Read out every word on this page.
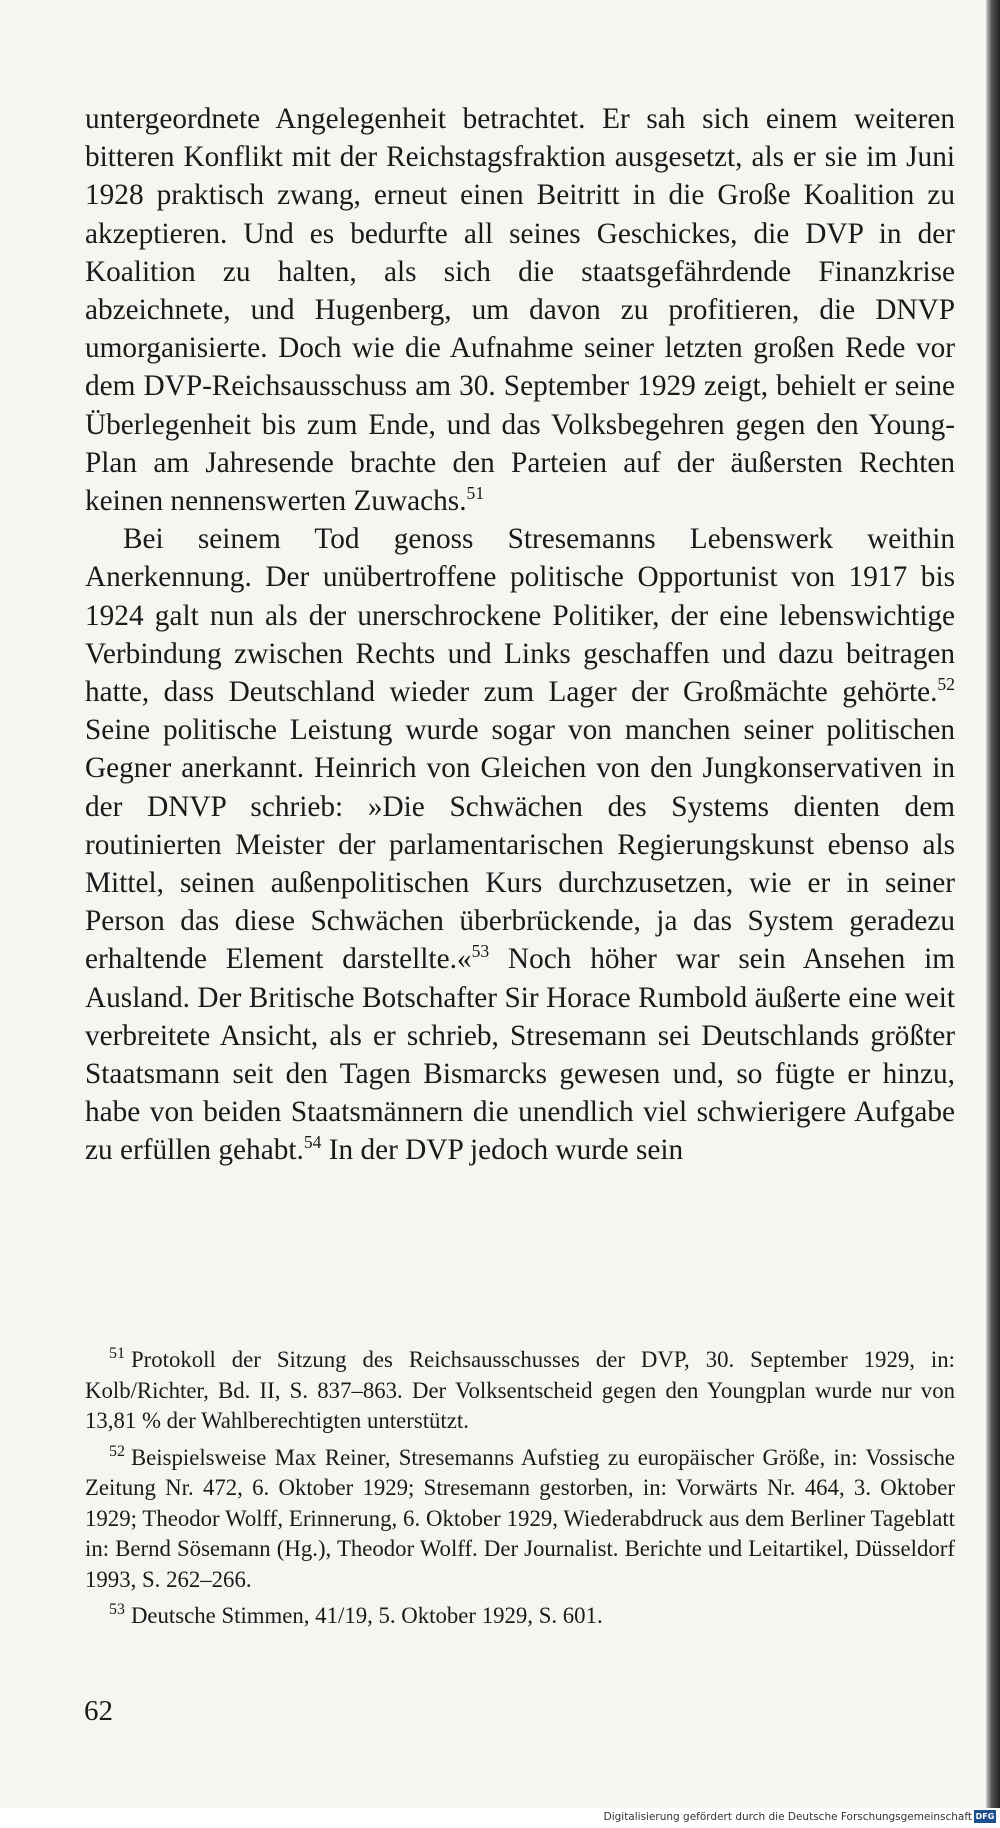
untergeordnete Angelegenheit betrachtet. Er sah sich einem weiteren bitteren Konflikt mit der Reichstagsfraktion ausgesetzt, als er sie im Juni 1928 praktisch zwang, erneut einen Beitritt in die Große Koalition zu akzeptieren. Und es bedurfte all seines Geschickes, die DVP in der Koalition zu halten, als sich die staatsgefährdende Finanzkrise abzeichnete, und Hugenberg, um davon zu profitieren, die DNVP umorganisierte. Doch wie die Aufnahme seiner letzten großen Rede vor dem DVP-Reichsausschuss am 30. September 1929 zeigt, behielt er seine Überlegenheit bis zum Ende, und das Volksbegehren gegen den Young-Plan am Jahresende brachte den Parteien auf der äußersten Rechten keinen nennenswerten Zuwachs.$^{51}$

Bei seinem Tod genoss Stresemanns Lebenswerk weithin Anerkennung. Der unübertroffene politische Opportunist von 1917 bis 1924 galt nun als der unerschrockene Politiker, der eine lebenswichtige Verbindung zwischen Rechts und Links geschaffen und dazu beitragen hatte, dass Deutschland wieder zum Lager der Großmächte gehörte.$^{52}$ Seine politische Leistung wurde sogar von manchen seiner politischen Gegner anerkannt. Heinrich von Gleichen von den Jungkonservativen in der DNVP schrieb: »Die Schwächen des Systems dienten dem routinierten Meister der parlamentarischen Regierungskunst ebenso als Mittel, seinen außenpolitischen Kurs durchzusetzen, wie er in seiner Person das diese Schwächen überbrückende, ja das System geradezu erhaltende Element darstellte.«$^{53}$ Noch höher war sein Ansehen im Ausland. Der Britische Botschafter Sir Horace Rumbold äußerte eine weit verbreitete Ansicht, als er schrieb, Stresemann sei Deutschlands größter Staatsmann seit den Tagen Bismarcks gewesen und, so fügte er hinzu, habe von beiden Staatsmännern die unendlich viel schwierigere Aufgabe zu erfüllen gehabt.$^{54}$ In der DVP jedoch wurde sein

$^{51}$ Protokoll der Sitzung des Reichsausschusses der DVP, 30. September 1929, in: Kolb/Richter, Bd. II, S. 837–863. Der Volksentscheid gegen den Youngplan wurde nur von 13,81 % der Wahlberechtigten unterstützt.

$^{52}$ Beispielsweise Max Reiner, Stresemanns Aufstieg zu europäischer Größe, in: Vossische Zeitung Nr. 472, 6. Oktober 1929; Stresemann gestorben, in: Vorwärts Nr. 464, 3. Oktober 1929; Theodor Wolff, Erinnerung, 6. Oktober 1929, Wiederabdruck aus dem Berliner Tageblatt in: Bernd Sösemann (Hg.), Theodor Wolff. Der Journalist. Berichte und Leitartikel, Düsseldorf 1993, S. 262–266.

$^{53}$ Deutsche Stimmen, 41/19, 5. Oktober 1929, S. 601.

62
Digitalisierung gefördert durch die Deutsche Forschungsgemeinschaft DFG
